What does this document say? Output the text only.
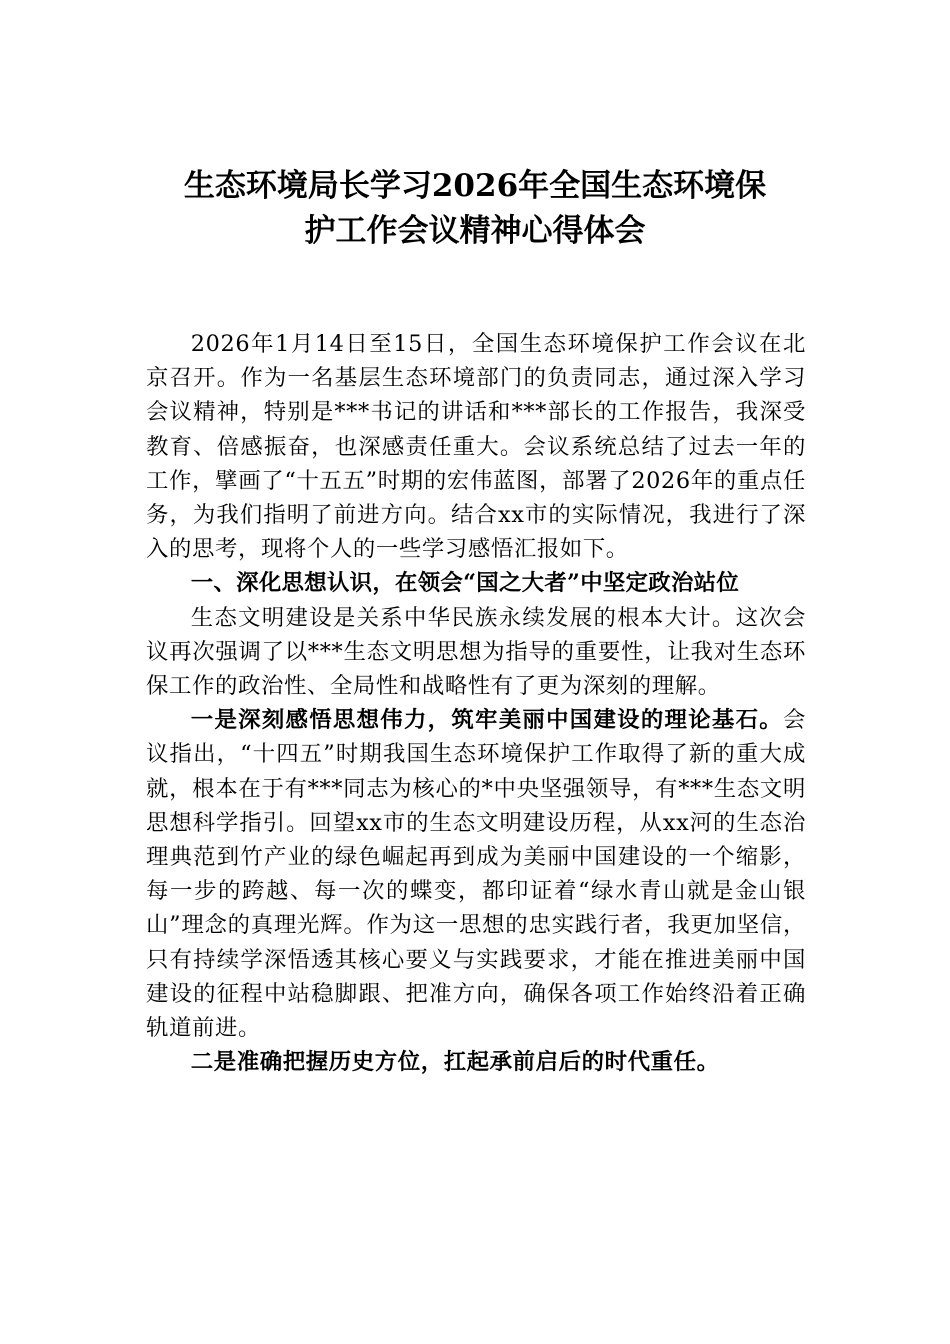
生态环境局长学习2026年全国生态环境保
护工作会议精神心得体会

2026年1月14日至15日，全国生态环境保护工作会议在北京召开。作为一名基层生态环境部门的负责同志，通过深入学习会议精神，特别是***书记的讲话和***部长的工作报告，我深受教育、倍感振奋，也深感责任重大。会议系统总结了过去一年的工作，擘画了“十五五”时期的宏伟蓝图，部署了2026年的重点任务，为我们指明了前进方向。结合xx市的实际情况，我进行了深入的思考，现将个人的一些学习感悟汇报如下。

一、深化思想认识，在领会“国之大者”中坚定政治站位

生态文明建设是关系中华民族永续发展的根本大计。这次会议再次强调了以***生态文明思想为指导的重要性，让我对生态环保工作的政治性、全局性和战略性有了更为深刻的理解。

一是深刻感悟思想伟力，筑牢美丽中国建设的理论基石。会议指出，“十四五”时期我国生态环境保护工作取得了新的重大成就，根本在于有***同志为核心的*中央坚强领导，有***生态文明思想科学指引。回望xx市的生态文明建设历程，从xx河的生态治理典范到竹产业的绿色崛起再到成为美丽中国建设的一个缩影，每一步的跨越、每一次的蝶变，都印证着“绿水青山就是金山银山”理念的真理光辉。作为这一思想的忠实践行者，我更加坚信，只有持续学深悟透其核心要义与实践要求，才能在推进美丽中国建设的征程中站稳脚跟、把准方向，确保各项工作始终沿着正确轨道前进。

二是准确把握历史方位，扛起承前启后的时代重任。
